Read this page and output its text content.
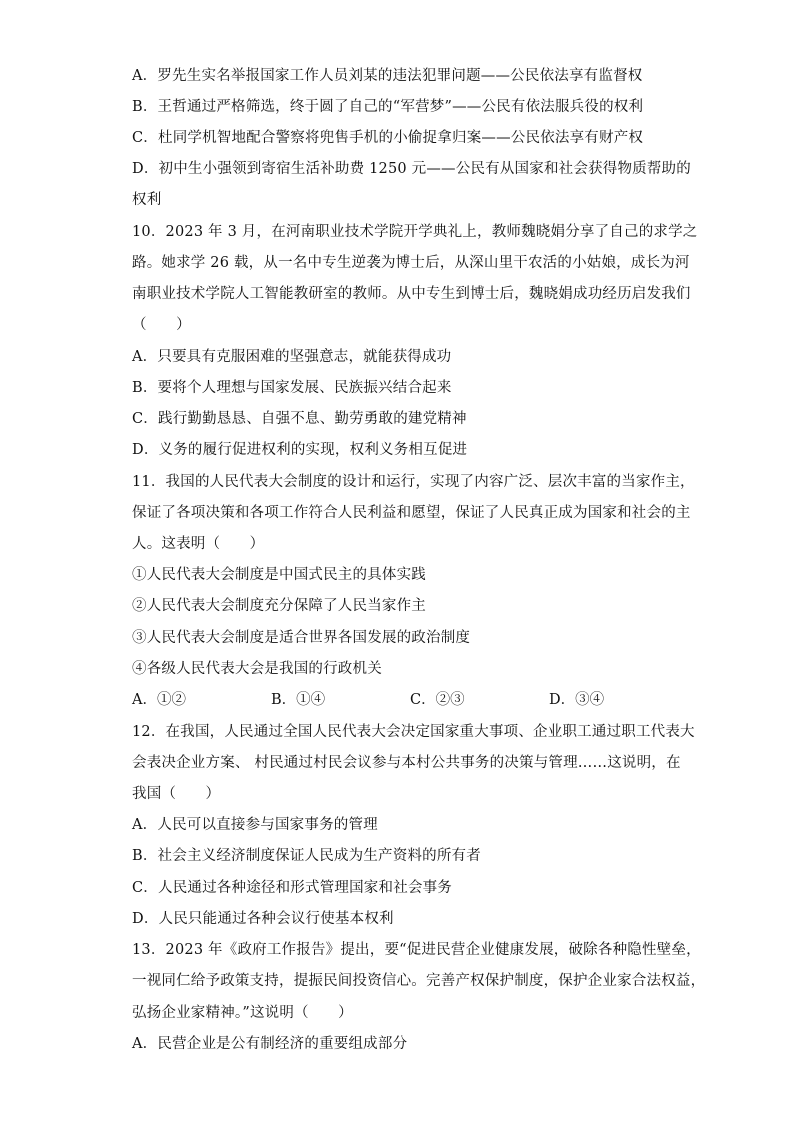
A．罗先生实名举报国家工作人员刘某的违法犯罪问题——公民依法享有监督权
B．王哲通过严格筛选，终于圆了自己的“军营梦”——公民有依法服兵役的权利
C．杜同学机智地配合警察将兜售手机的小偷捉拿归案——公民依法享有财产权
D．初中生小强领到寄宿生活补助费 1250 元——公民有从国家和社会获得物质帮助的
权利
10．2023 年 3 月，在河南职业技术学院开学典礼上，教师魏晓娟分享了自己的求学之
路。她求学 26 载，从一名中专生逆袭为博士后，从深山里干农活的小姑娘，成长为河
南职业技术学院人工智能教研室的教师。从中专生到博士后，魏晓娟成功经历启发我们
（　　）
A．只要具有克服困难的坚强意志，就能获得成功
B．要将个人理想与国家发展、民族振兴结合起来
C．践行勤勤恳恳、自强不息、勤劳勇敢的建党精神
D．义务的履行促进权利的实现，权利义务相互促进
11．我国的人民代表大会制度的设计和运行，实现了内容广泛、层次丰富的当家作主，
保证了各项决策和各项工作符合人民利益和愿望，保证了人民真正成为国家和社会的主
人。这表明（　　）
①人民代表大会制度是中国式民主的具体实践
②人民代表大会制度充分保障了人民当家作主
③人民代表大会制度是适合世界各国发展的政治制度
④各级人民代表大会是我国的行政机关
A．①②	B．①④	C．②③	D．③④
12．在我国，人民通过全国人民代表大会决定国家重大事项、企业职工通过职工代表大
会表决企业方案、 村民通过村民会议参与本村公共事务的决策与管理……这说明，在
我国（　　）
A．人民可以直接参与国家事务的管理
B．社会主义经济制度保证人民成为生产资料的所有者
C．人民通过各种途径和形式管理国家和社会事务
D．人民只能通过各种会议行使基本权利
13．2023 年《政府工作报告》提出，要“促进民营企业健康发展，破除各种隐性壁垒，
一视同仁给予政策支持，提振民间投资信心。完善产权保护制度，保护企业家合法权益，
弘扬企业家精神。”这说明（　　）
A．民营企业是公有制经济的重要组成部分
